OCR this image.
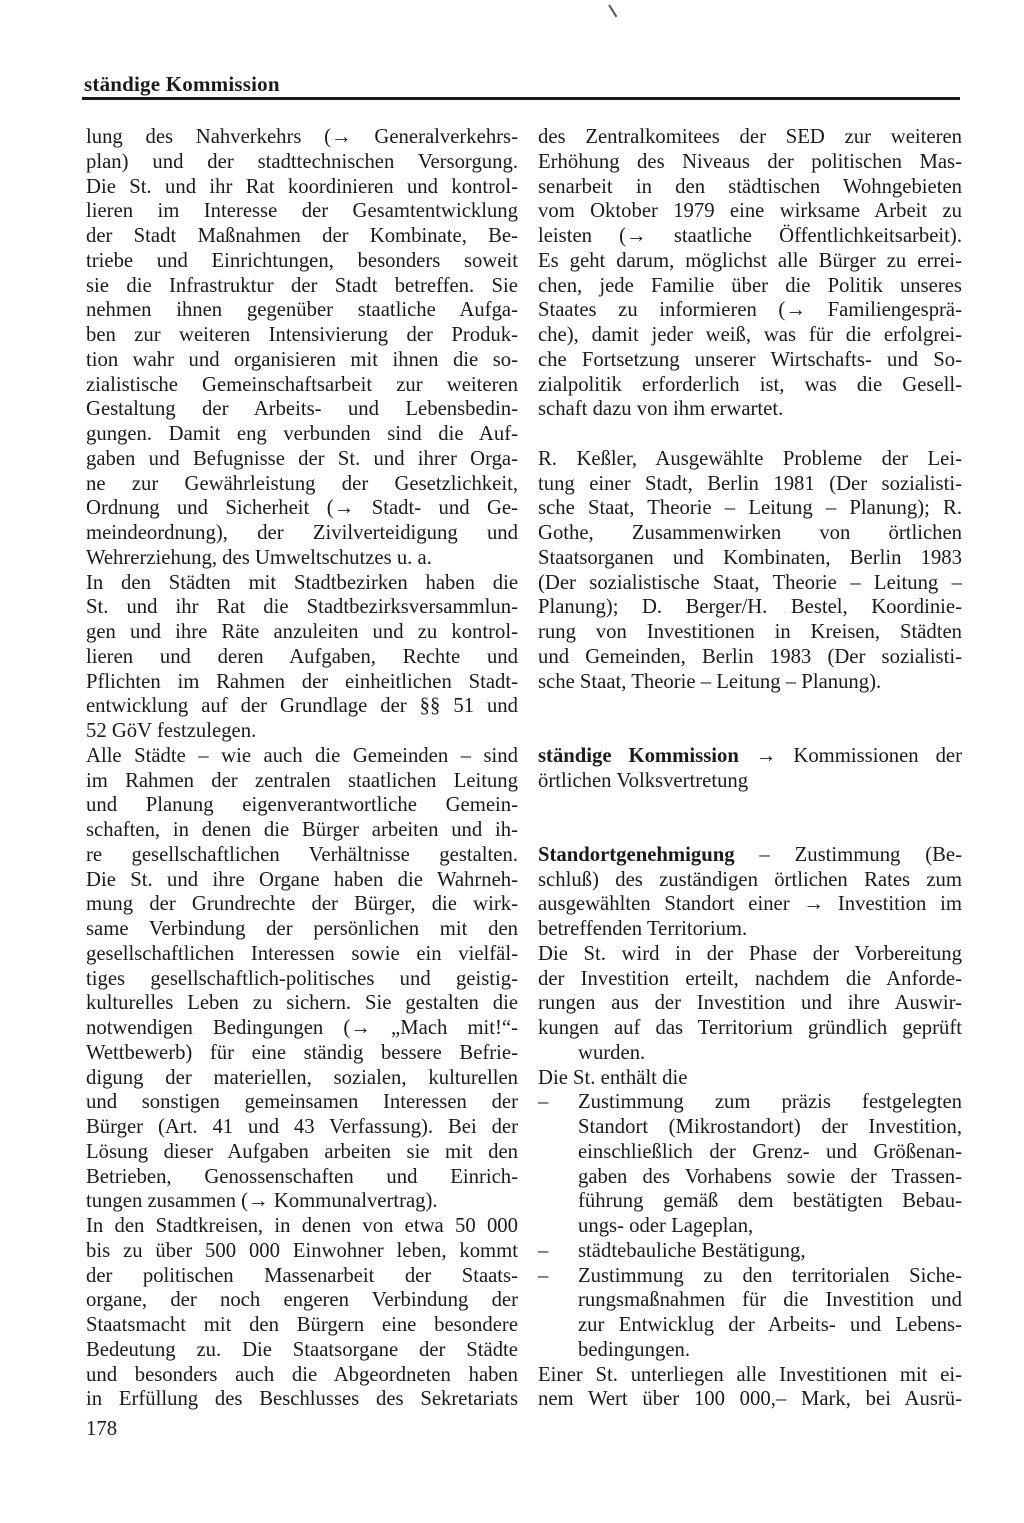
ständige Kommission
lung des Nahverkehrs (→ Generalverkehrs-
plan) und der stadttechnischen Versorgung.
Die St. und ihr Rat koordinieren und kontrol-
lieren im Interesse der Gesamtentwicklung
der Stadt Maßnahmen der Kombinate, Be-
triebe und Einrichtungen, besonders soweit
sie die Infrastruktur der Stadt betreffen. Sie
nehmen ihnen gegenüber staatliche Aufga-
ben zur weiteren Intensivierung der Produk-
tion wahr und organisieren mit ihnen die so-
zialistische Gemeinschaftsarbeit zur weiteren
Gestaltung der Arbeits- und Lebensbedin-
gungen. Damit eng verbunden sind die Auf-
gaben und Befugnisse der St. und ihrer Orga-
ne zur Gewährleistung der Gesetzlichkeit,
Ordnung und Sicherheit (→ Stadt- und Ge-
meindeordnung), der Zivilverteidigung und
Wehrerziehung, des Umweltschutzes u. a.
In den Städten mit Stadtbezirken haben die
St. und ihr Rat die Stadtbezirksversammlun-
gen und ihre Räte anzuleiten und zu kontrol-
lieren und deren Aufgaben, Rechte und
Pflichten im Rahmen der einheitlichen Stadt-
entwicklung auf der Grundlage der §§ 51 und
52 GöV festzulegen.
Alle Städte – wie auch die Gemeinden – sind
im Rahmen der zentralen staatlichen Leitung
und Planung eigenverantwortliche Gemein-
schaften, in denen die Bürger arbeiten und ih-
re gesellschaftlichen Verhältnisse gestalten.
Die St. und ihre Organe haben die Wahrneh-
mung der Grundrechte der Bürger, die wirk-
same Verbindung der persönlichen mit den
gesellschaftlichen Interessen sowie ein vielfäl-
tiges gesellschaftlich-politisches und geistig-
kulturelles Leben zu sichern. Sie gestalten die
notwendigen Bedingungen (→ „Mach mit!“-
Wettbewerb) für eine ständig bessere Befrie-
digung der materiellen, sozialen, kulturellen
und sonstigen gemeinsamen Interessen der
Bürger (Art. 41 und 43 Verfassung). Bei der
Lösung dieser Aufgaben arbeiten sie mit den
Betrieben, Genossenschaften und Einrich-
tungen zusammen (→ Kommunalvertrag).
In den Stadtkreisen, in denen von etwa 50 000
bis zu über 500 000 Einwohner leben, kommt
der politischen Massenarbeit der Staats-
organe, der noch engeren Verbindung der
Staatsmacht mit den Bürgern eine besondere
Bedeutung zu. Die Staatsorgane der Städte
und besonders auch die Abgeordneten haben
in Erfüllung des Beschlusses des Sekretariats
des Zentralkomitees der SED zur weiteren
Erhöhung des Niveaus der politischen Mas-
senarbeit in den städtischen Wohngebieten
vom Oktober 1979 eine wirksame Arbeit zu
leisten (→ staatliche Öffentlichkeitsarbeit).
Es geht darum, möglichst alle Bürger zu errei-
chen, jede Familie über die Politik unseres
Staates zu informieren (→ Familiengesprä-
che), damit jeder weiß, was für die erfolgrei-
che Fortsetzung unserer Wirtschafts- und So-
zialpolitik erforderlich ist, was die Gesell-
schaft dazu von ihm erwartet.
R. Keßler, Ausgewählte Probleme der Lei-
tung einer Stadt, Berlin 1981 (Der sozialisti-
sche Staat, Theorie – Leitung – Planung); R.
Gothe, Zusammenwirken von örtlichen
Staatsorganen und Kombinaten, Berlin 1983
(Der sozialistische Staat, Theorie – Leitung –
Planung); D. Berger/H. Bestel, Koordinie-
rung von Investitionen in Kreisen, Städten
und Gemeinden, Berlin 1983 (Der sozialisti-
sche Staat, Theorie – Leitung – Planung).
ständige Kommission → Kommissionen der
örtlichen Volksvertretung
Standortgenehmigung – Zustimmung (Be-
schluß) des zuständigen örtlichen Rates zum
ausgewählten Standort einer → Investition im
betreffenden Territorium.
Die St. wird in der Phase der Vorbereitung
der Investition erteilt, nachdem die Anforde-
rungen aus der Investition und ihre Auswir-
kungen auf das Territorium gründlich geprüft
wurden.
Die St. enthält die
–	Zustimmung zum präzis festgelegten
Standort (Mikrostandort) der Investition,
einschließlich der Grenz- und Größenan-
gaben des Vorhabens sowie der Trassen-
führung gemäß dem bestätigten Bebau-
ungs- oder Lageplan,
–	städtebauliche Bestätigung,
–	Zustimmung zu den territorialen Siche-
rungsmaßnahmen für die Investition und
zur Entwicklug der Arbeits- und Lebens-
bedingungen.
Einer St. unterliegen alle Investitionen mit ei-
nem Wert über 100 000,– Mark, bei Ausrü-
178
